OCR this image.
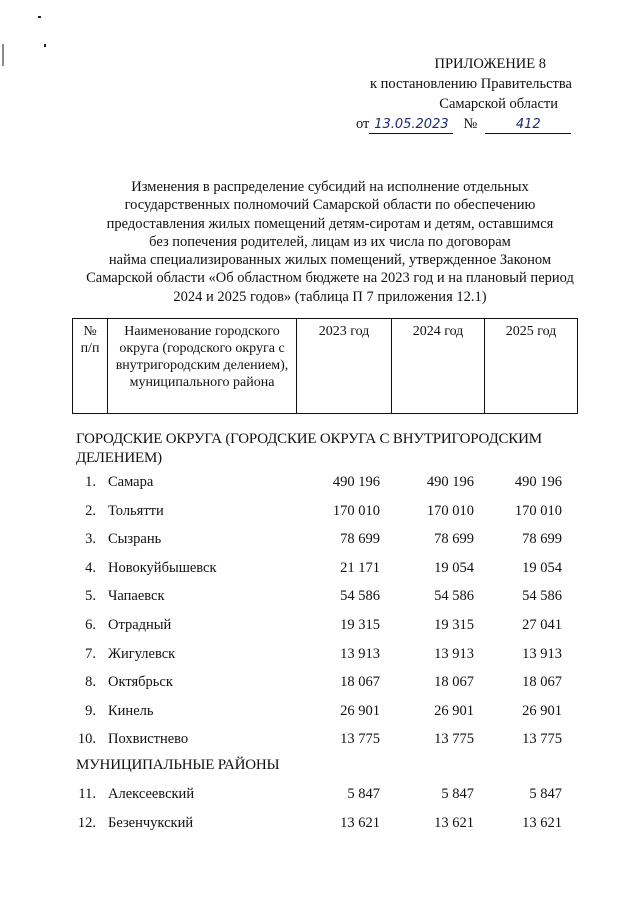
ПРИЛОЖЕНИЕ 8
к постановлению Правительства
Самарской области
от 13.05.2023	№	412
Изменения в распределение субсидий на исполнение отдельных
государственных полномочий Самарской области по обеспечению
предоставления жилых помещений детям-сиротам и детям, оставшимся
без попечения родителей, лицам из их числа по договорам
найма специализированных жилых помещений, утвержденное Законом
Самарской области «Об областном бюджете на 2023 год и на плановый период
2024 и 2025 годов» (таблица П 7 приложения 12.1)
№ п/п	Наименование городского округа (городского округа с внутригородским делением), муниципального района	2023 год	2024 год	2025 год
ГОРОДСКИЕ ОКРУГА (ГОРОДСКИЕ ОКРУГА С ВНУТРИГОРОДСКИМ ДЕЛЕНИЕМ)
1. Самара	490 196	490 196	490 196
2. Тольятти	170 010	170 010	170 010
3. Сызрань	78 699	78 699	78 699
4. Новокуйбышевск	21 171	19 054	19 054
5. Чапаевск	54 586	54 586	54 586
6. Отрадный	19 315	19 315	27 041
7. Жигулевск	13 913	13 913	13 913
8. Октябрьск	18 067	18 067	18 067
9. Кинель	26 901	26 901	26 901
10. Похвистнево	13 775	13 775	13 775
МУНИЦИПАЛЬНЫЕ РАЙОНЫ
11. Алексеевский	5 847	5 847	5 847
12. Безенчукский	13 621	13 621	13 621
